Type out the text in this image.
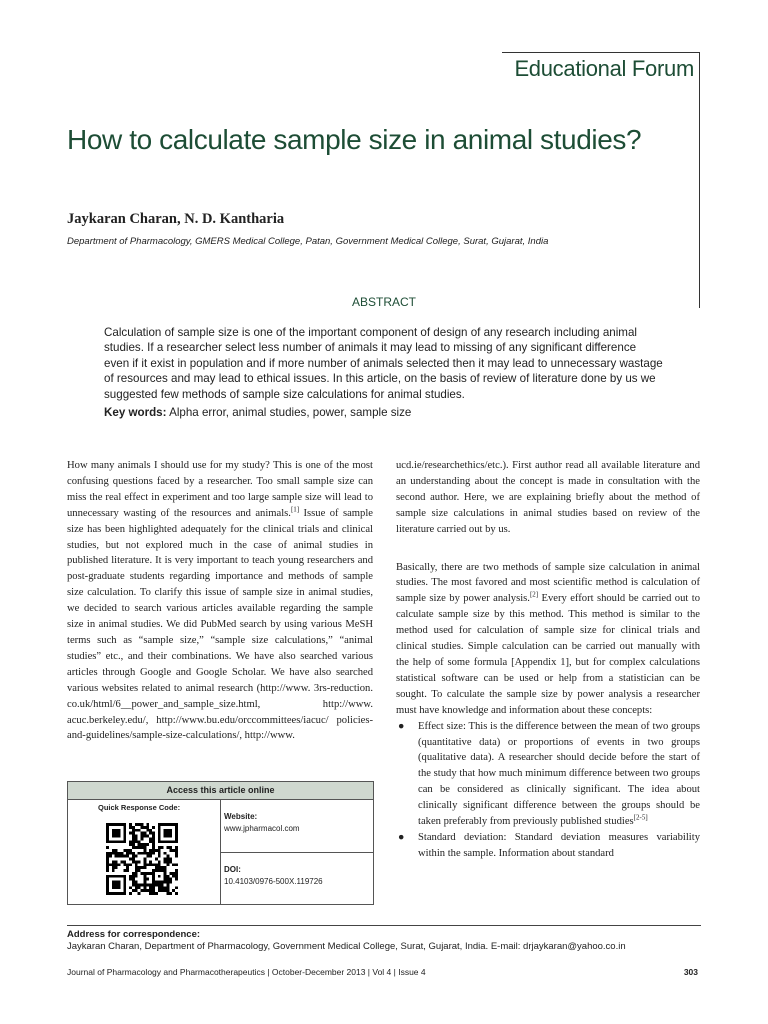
Educational Forum
How to calculate sample size in animal studies?
Jaykaran Charan, N. D. Kantharia
Department of Pharmacology, GMERS Medical College, Patan, Government Medical College, Surat, Gujarat, India
ABSTRACT
Calculation of sample size is one of the important component of design of any research including animal studies. If a researcher select less number of animals it may lead to missing of any significant difference even if it exist in population and if more number of animals selected then it may lead to unnecessary wastage of resources and may lead to ethical issues. In this article, on the basis of review of literature done by us we suggested few methods of sample size calculations for animal studies.
Key words: Alpha error, animal studies, power, sample size

How many animals I should use for my study? This is one of the most confusing questions faced by a researcher. Too small sample size can miss the real effect in experiment and too large sample size will lead to unnecessary wasting of the resources and animals.[1] Issue of sample size has been highlighted adequately for the clinical trials and clinical studies, but not explored much in the case of animal studies in published literature. It is very important to teach young researchers and post-graduate students regarding importance and methods of sample size calculation. To clarify this issue of sample size in animal studies, we decided to search various articles available regarding the sample size in animal studies. We did PubMed search by using various MeSH terms such as “sample size,” “sample size calculations,” “animal studies” etc., and their combinations. We have also searched various articles through Google and Google Scholar. We have also searched various websites related to animal research (http://www. 3rs-reduction. co.uk/html/6__power_and_sample_size.html, http://www. acuc.berkeley.edu/, http://www.bu.edu/orccommittees/iacuc/ policies- and-guidelines/sample-size-calculations/, http://www.

ucd.ie/researchethics/etc.). First author read all available literature and an understanding about the concept is made in consultation with the second author. Here, we are explaining briefly about the method of sample size calculations in animal studies based on review of the literature carried out by us.

Basically, there are two methods of sample size calculation in animal studies. The most favored and most scientific method is calculation of sample size by power analysis.[2] Every effort should be carried out to calculate sample size by this method. This method is similar to the method used for calculation of sample size for clinical trials and clinical studies. Simple calculation can be carried out manually with the help of some formula [Appendix 1], but for complex calculations statistical software can be used or help from a statistician can be sought. To calculate the sample size by power analysis a researcher must have knowledge and information about these concepts:

● Effect size: This is the difference between the mean of two groups (quantitative data) or proportions of events in two groups (qualitative data). A researcher should decide before the start of the study that how much minimum difference between two groups can be considered as clinically significant. The idea about clinically significant difference between the groups should be taken preferably from previously published studies[2-5]
● Standard deviation: Standard deviation measures variability within the sample. Information about standard
Access this article online
Quick Response Code:
Website:
www.jpharmacol.com
DOI:
10.4103/0976-500X.119726
Address for correspondence:
Jaykaran Charan, Department of Pharmacology, Government Medical College, Surat, Gujarat, India. E-mail: drjaykaran@yahoo.co.in
Journal of Pharmacology and Pharmacotherapeutics | October-December 2013 | Vol 4 | Issue 4	303
